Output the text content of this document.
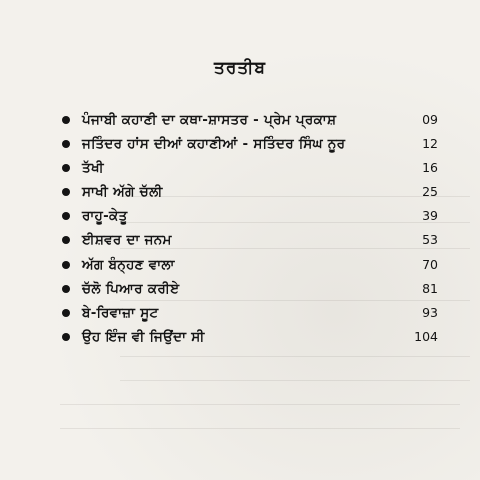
ਤਰਤੀਬ
ਪੰਜਾਬੀ ਕਹਾਣੀ ਦਾ ਕਥਾ-ਸ਼ਾਸਤਰ - ਪ੍ਰੇਮ ਪ੍ਰਕਾਸ਼	09
ਜਤਿੰਦਰ ਹਾਂਸ ਦੀਆਂ ਕਹਾਣੀਆਂ - ਸਤਿੰਦਰ ਸਿੰਘ ਨੂਰ	12
ਤੱਖੀ	16
ਸਾਖੀ ਅੱਗੇ ਚੱਲੀ	25
ਰਾਹੂ-ਕੇਤੂ	39
ਈਸ਼ਵਰ ਦਾ ਜਨਮ	53
ਅੱਗ ਬੰਨ੍ਹਣ ਵਾਲਾ	70
ਚੱਲੋ ਪਿਆਰ ਕਰੀਏ	81
ਬੇ-ਰਿਵਾਜ਼ਾ ਸੂਟ	93
ਉਹ ਇੰਜ ਵੀ ਜਿਉਂਦਾ ਸੀ	104
